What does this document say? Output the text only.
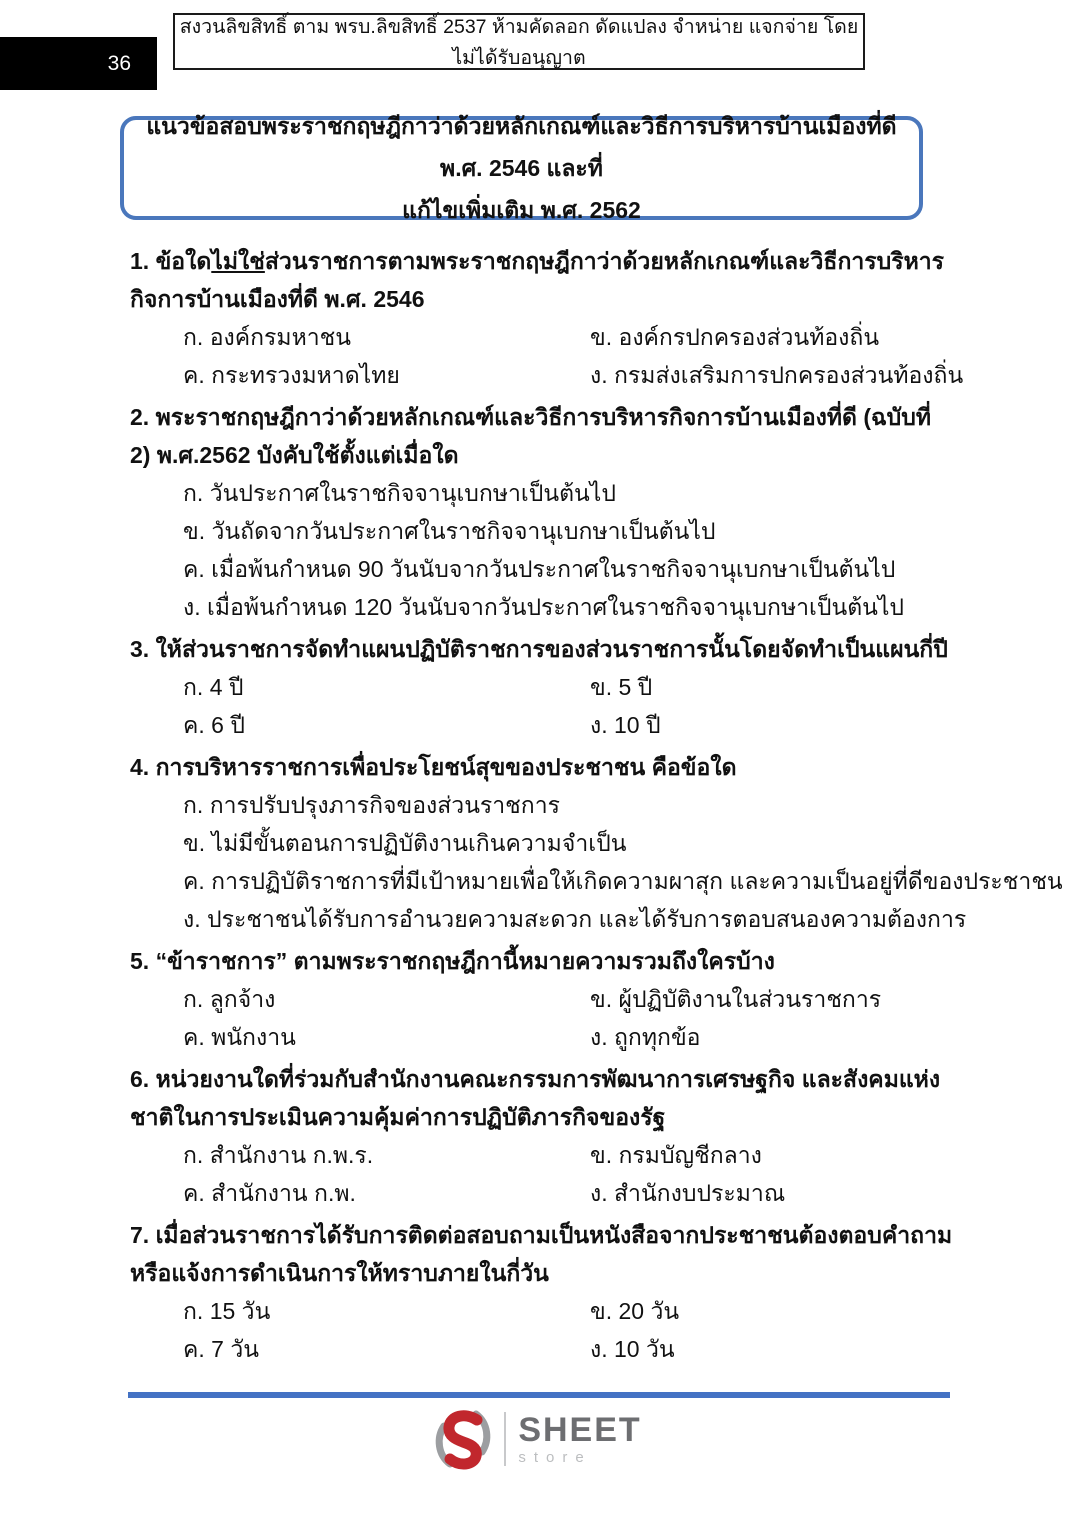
36
สงวนลิขสิทธิ์ ตาม พรบ.ลิขสิทธิ์ 2537 ห้ามคัดลอก ดัดแปลง จำหน่าย แจกจ่าย โดยไม่ได้รับอนุญาต
แนวข้อสอบพระราชกฤษฎีกาว่าด้วยหลักเกณฑ์และวิธีการบริหารบ้านเมืองที่ดี พ.ศ. 2546 และที่
แก้ไขเพิ่มเติม พ.ศ. 2562
1. ข้อใดไม่ใช่ส่วนราชการตามพระราชกฤษฎีกาว่าด้วยหลักเกณฑ์และวิธีการบริหารกิจการบ้านเมืองที่ดี พ.ศ. 2546
ก. องค์กรมหาชน	ข. องค์กรปกครองส่วนท้องถิ่น
ค. กระทรวงมหาดไทย	ง. กรมส่งเสริมการปกครองส่วนท้องถิ่น
2. พระราชกฤษฎีกาว่าด้วยหลักเกณฑ์และวิธีการบริหารกิจการบ้านเมืองที่ดี (ฉบับที่ 2) พ.ศ.2562 บังคับใช้ตั้งแต่เมื่อใด
ก. วันประกาศในราชกิจจานุเบกษาเป็นต้นไป
ข. วันถัดจากวันประกาศในราชกิจจานุเบกษาเป็นต้นไป
ค. เมื่อพ้นกำหนด 90 วันนับจากวันประกาศในราชกิจจานุเบกษาเป็นต้นไป
ง. เมื่อพ้นกำหนด 120 วันนับจากวันประกาศในราชกิจจานุเบกษาเป็นต้นไป
3. ให้ส่วนราชการจัดทำแผนปฏิบัติราชการของส่วนราชการนั้นโดยจัดทำเป็นแผนกี่ปี
ก. 4 ปี	ข. 5 ปี
ค. 6 ปี	ง. 10 ปี
4. การบริหารราชการเพื่อประโยชน์สุขของประชาชน คือข้อใด
ก. การปรับปรุงภารกิจของส่วนราชการ
ข. ไม่มีขั้นตอนการปฏิบัติงานเกินความจำเป็น
ค. การปฏิบัติราชการที่มีเป้าหมายเพื่อให้เกิดความผาสุก และความเป็นอยู่ที่ดีของประชาชน
ง. ประชาชนได้รับการอำนวยความสะดวก และได้รับการตอบสนองความต้องการ
5. “ข้าราชการ” ตามพระราชกฤษฎีกานี้หมายความรวมถึงใครบ้าง
ก. ลูกจ้าง	ข. ผู้ปฏิบัติงานในส่วนราชการ
ค. พนักงาน	ง. ถูกทุกข้อ
6. หน่วยงานใดที่ร่วมกับสำนักงานคณะกรรมการพัฒนาการเศรษฐกิจ และสังคมแห่งชาติในการประเมินความคุ้มค่าการปฏิบัติภารกิจของรัฐ
ก. สำนักงาน ก.พ.ร.	ข. กรมบัญชีกลาง
ค. สำนักงาน ก.พ.	ง. สำนักงบประมาณ
7. เมื่อส่วนราชการได้รับการติดต่อสอบถามเป็นหนังสือจากประชาชนต้องตอบคำถามหรือแจ้งการดำเนินการให้ทราบภายในกี่วัน
ก. 15 วัน	ข. 20 วัน
ค. 7 วัน	ง. 10 วัน
SHEET
store
